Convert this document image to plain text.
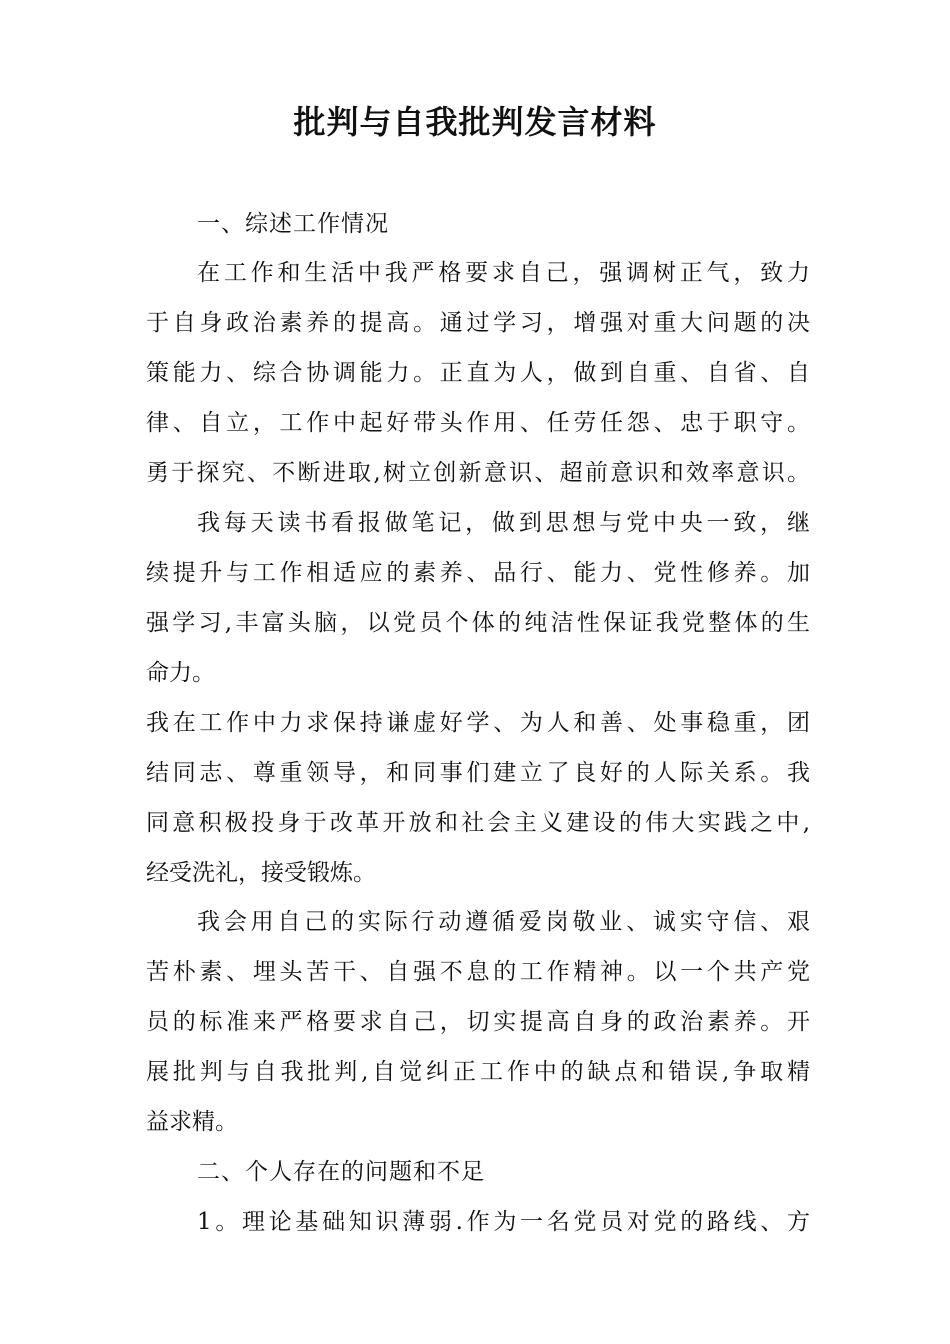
批判与自我批判发言材料
一、综述工作情况
在工作和生活中我严格要求自己，强调树正气，致力
于自身政治素养的提高。通过学习，增强对重大问题的决
策能力、综合协调能力。正直为人，做到自重、自省、自
律、自立，工作中起好带头作用、任劳任怨、忠于职守。
勇于探究、不断进取,树立创新意识、超前意识和效率意识。
我每天读书看报做笔记，做到思想与党中央一致，继
续提升与工作相适应的素养、品行、能力、党性修养。加
强学习,丰富头脑，以党员个体的纯洁性保证我党整体的生
命力。
我在工作中力求保持谦虚好学、为人和善、处事稳重，团
结同志、尊重领导，和同事们建立了良好的人际关系。我
同意积极投身于改革开放和社会主义建设的伟大实践之中,
经受洗礼，接受锻炼。
我会用自己的实际行动遵循爱岗敬业、诚实守信、艰
苦朴素、埋头苦干、自强不息的工作精神。以一个共产党
员的标准来严格要求自己，切实提高自身的政治素养。开
展批判与自我批判,自觉纠正工作中的缺点和错误,争取精
益求精。
二、个人存在的问题和不足
1。理论基础知识薄弱.作为一名党员对党的路线、方
